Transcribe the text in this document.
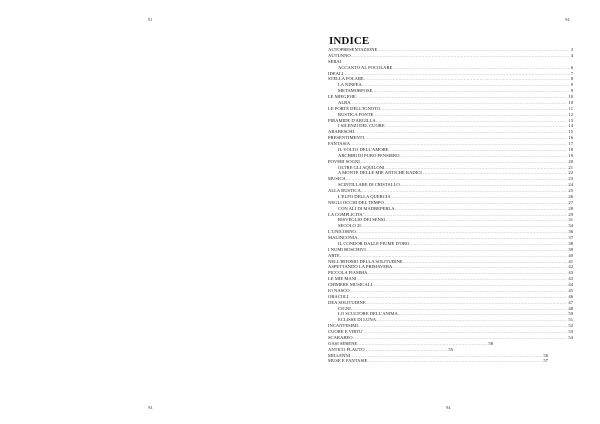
91	94
94	94
INDICE
AUTOPRESENTAZIONE .....	3
AUTUNNO .....	4
SERAI
ACCANTO AL FOCOLARE .....	6
IDEALI .....	7
STELLA POLARE .....	8
LA NINFEA .....	9
METAMORFOSE .....	9
LE MIEGIOIE .....	10
ALBA .....	10
LE PORTE DELL'IGNOTO .....	11
RUSTICA FONTE .....	12
PIRAMIDE D'ARGILLA .....	13
I SILENZI DEL CUORE .....	14
ARABESCHI .....	15
PRESENTIMENTI .....	16
FANTASIA .....	17
IL VOLTO DELL'AMORE .....	18
ARCHIBI DI PURO PENSIERO .....	19
POVERI SOGNI .....	20
OLTRE GLI AQUILONI .....	21
A MONTE DELLE MIE ANTICHE RADICI .....	22
MUSICA .....	23
SCINTILLARE DI CRISTALLO .....	24
ALLA RUSTICA .....	25
L'ELFO DELLA QUERCIA .....	26
NEGLI OCCHI DEL TEMPO .....	27
CON ALI DI MADREPERLA .....	28
LA COMPLICITA' .....	29
RISVEGLIO DEI SENSI .....	31
SECOLO 2I .....	34
L'UNICORNO .....	36
MALINCONIA .....	37
IL CONDOR DALLE PIUME D'ORO .....	38
I NUMI BOSCHIVI .....	39
ARTE .....	40
NELL'IRTOMO DELLA SOLITUDINE .....	41
ASPETTANDO LA PRIMAVERA .....	42
PICCOLA FIAMMA .....	43
LE MIE MANI .....	43
CHIMERE MUSICALI .....	44
IO NASCO .....	45
ORACOLI .....	46
DEA SOLITUDINE .....	47
CIGNI .....	48
LO SCULTORE DELL'ANIMA .....	50
ECLISSE DI LUNA .....	51
INCANTESIMI .....	52
CUORE E VIRTU' .....	53
SCARABEO .....	54
OASI SERENE .....	58
ANTICO FLAUTO .....	55
MILLENNI .....	56
MUSE E FANTASIE .....	57
